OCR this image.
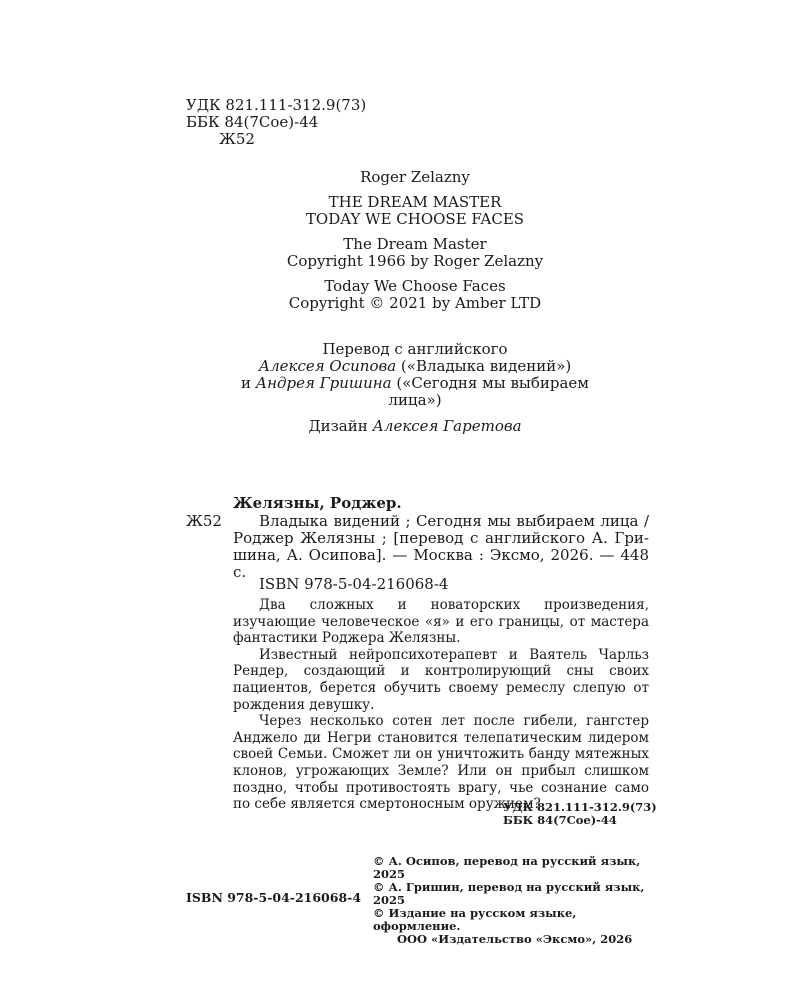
УДК 821.111-312.9(73)
ББК 84(7Сое)-44
Ж52
Roger Zelazny
THE DREAM MASTER
TODAY WE CHOOSE FACES
The Dream Master
Copyright 1966 by Roger Zelazny
Today We Choose Faces
Copyright © 2021 by Amber LTD
Перевод с английского
Алексея Осипова («Владыка видений»)
и Андрея Гришина («Сегодня мы выбираем лица»)
Дизайн Алексея Гаретова
Желязны, Роджер.
Ж52	Владыка видений ; Сегодня мы выбираем лица /
Роджер Желязны ; [перевод с английского А. Гри-
шина, А. Осипова]. — Москва : Эксмо, 2026. — 448 с.
ISBN 978-5-04-216068-4
Два сложных и новаторских произведения, изучающие человеческое «я» и его границы, от мастера фантастики Роджера Желязны.
Известный нейропсихотерапевт и Ваятель Чарльз Рендер, создающий и контролирующий сны своих пациентов, берется обучить своему ремеслу слепую от рождения девушку.
Через несколько сотен лет после гибели, гангстер Анджело ди Негри становится телепатическим лидером своей Семьи. Сможет ли он уничтожить банду мятежных клонов, угрожающих Земле? Или он прибыл слишком поздно, чтобы противостоять врагу, чье сознание само по себе является смертоносным оружием?
УДК 821.111-312.9(73)
ББК 84(7Сое)-44
ISBN 978-5-04-216068-4
© А. Осипов, перевод на русский язык, 2025
© А. Гришин, перевод на русский язык, 2025
© Издание на русском языке, оформление.
ООО «Издательство «Эксмо», 2026
